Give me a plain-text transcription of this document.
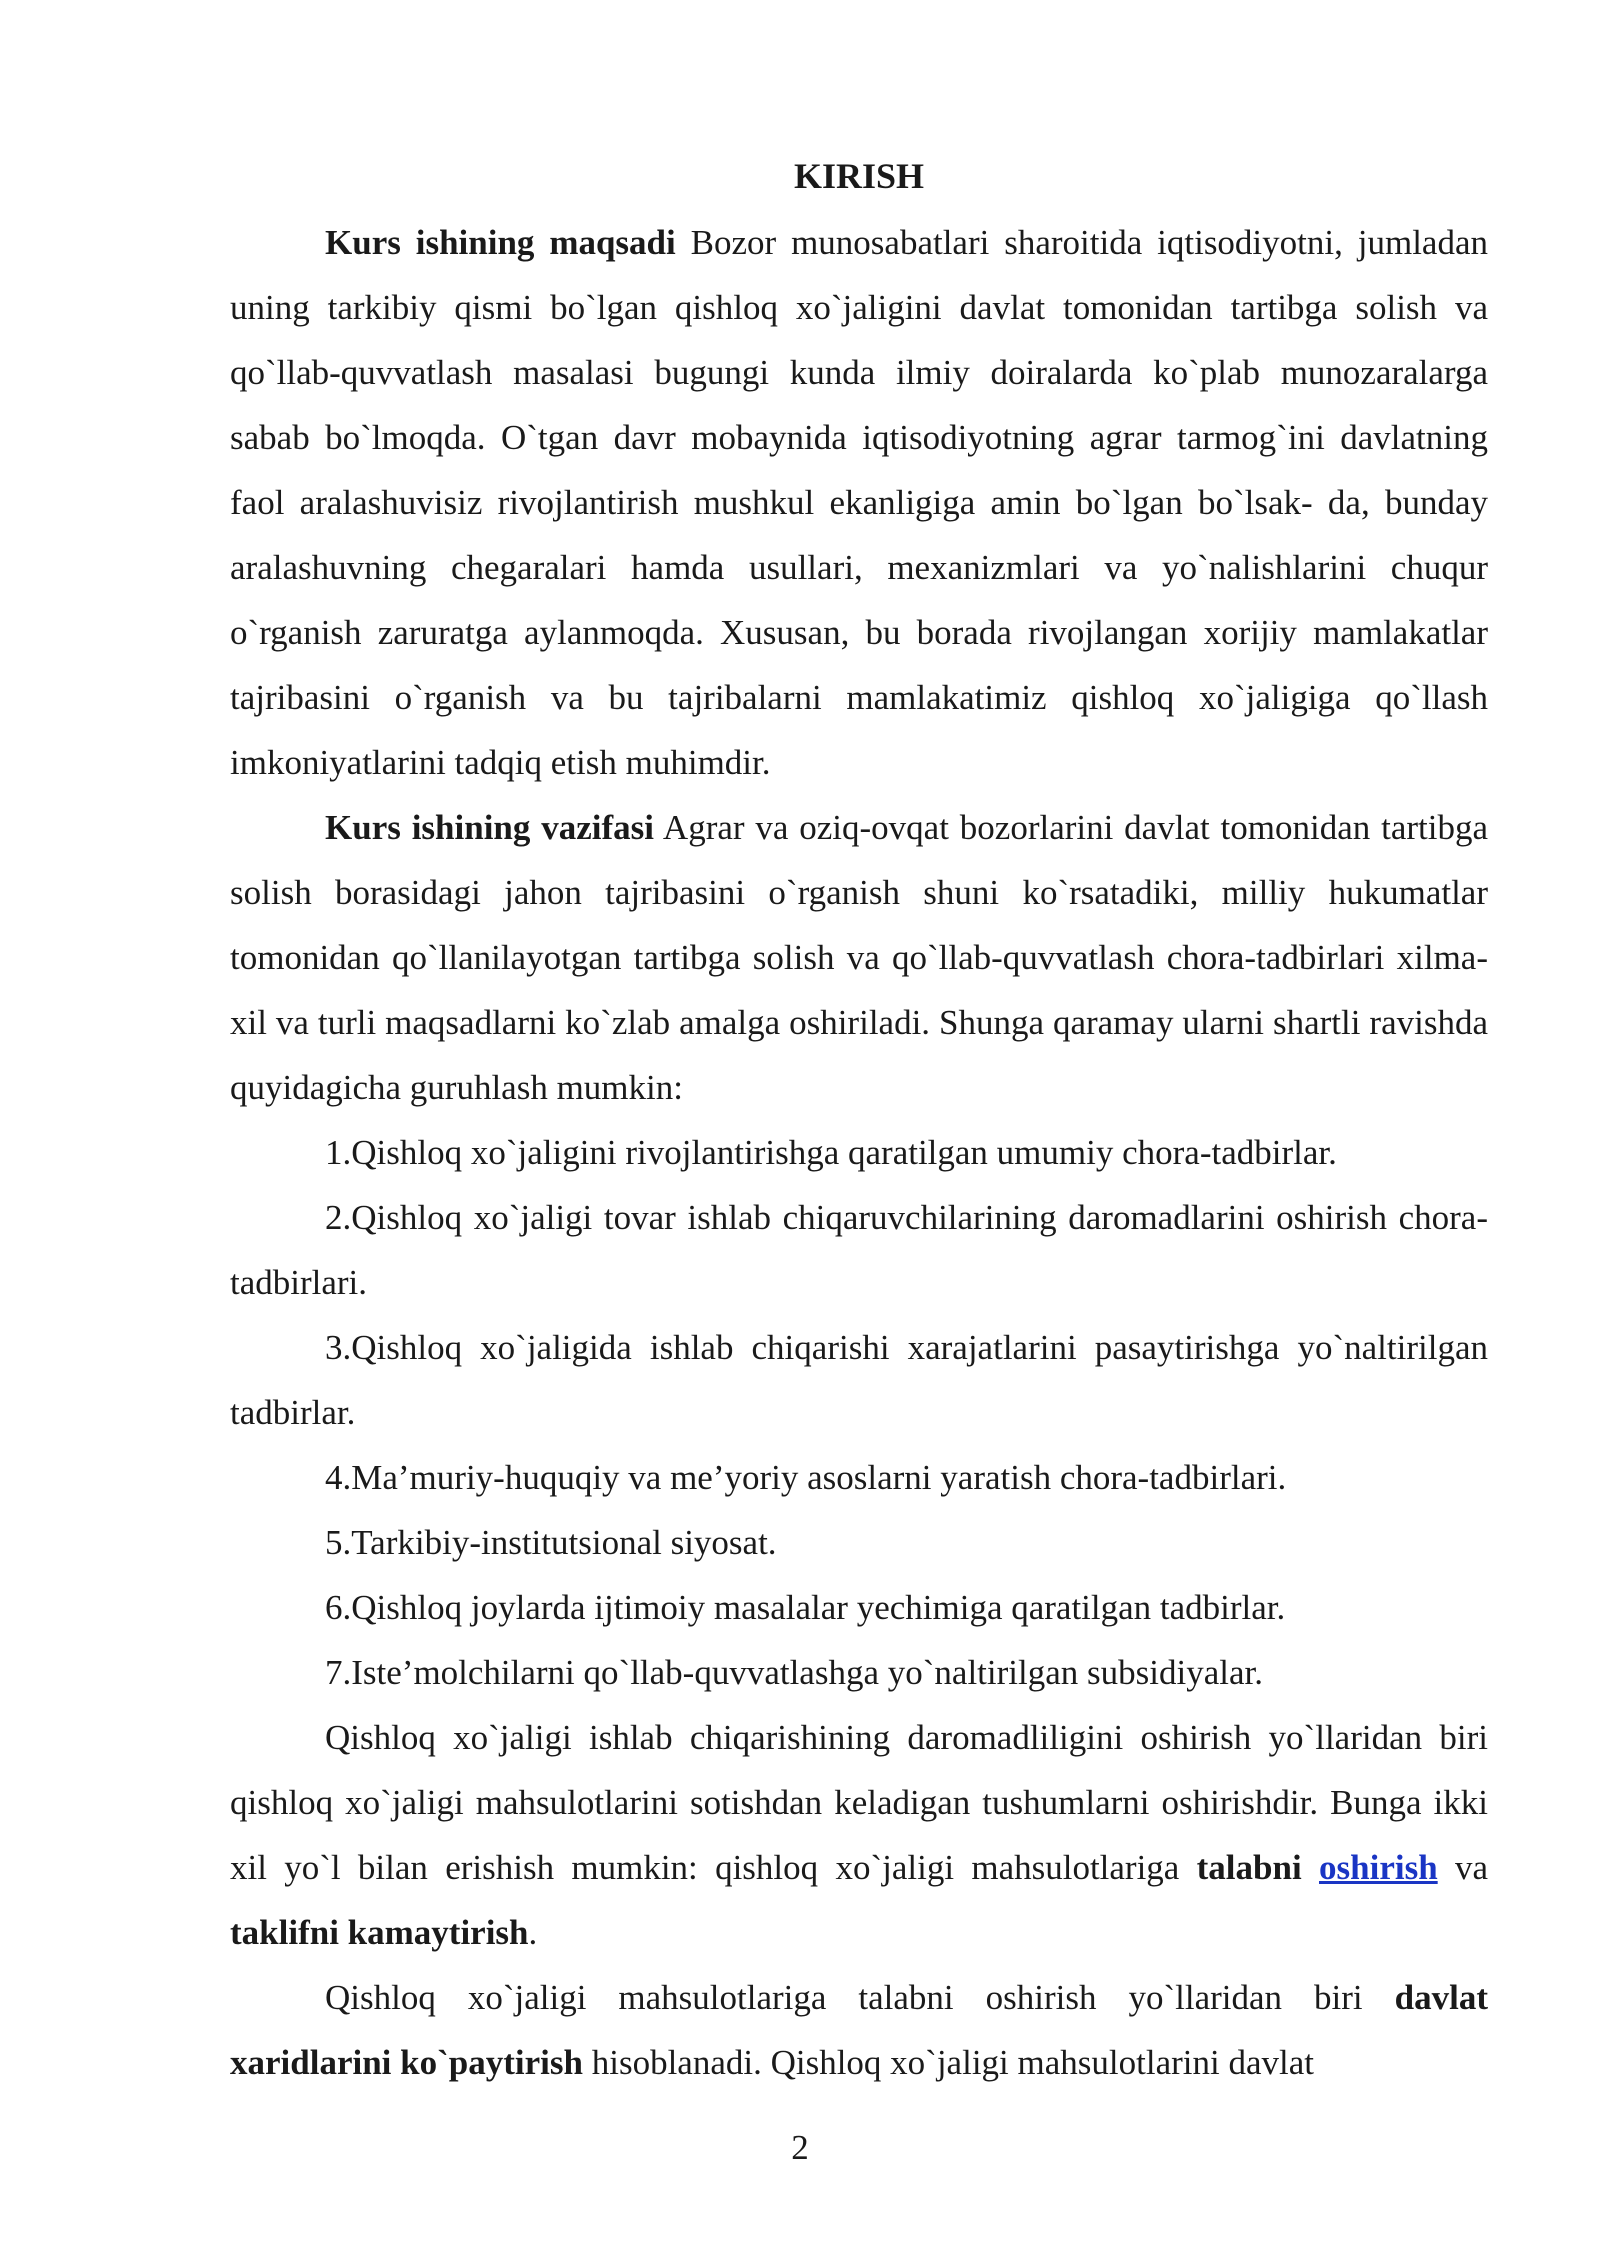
KIRISH

Kurs ishining maqsadi Bozor munosabatlari sharoitida iqtisodiyotni, jumladan uning tarkibiy qismi bo`lgan qishloq xo`jaligini davlat tomonidan tartibga solish va qo`llab-quvvatlash masalasi bugungi kunda ilmiy doiralarda ko`plab munozaralarga sabab bo`lmoqda. O`tgan davr mobaynida iqtisodiyotning agrar tarmog`ini davlatning faol aralashuvisiz rivojlantirish mushkul ekanligiga amin bo`lgan bo`lsak- da, bunday aralashuvning chegaralari hamda usullari, mexanizmlari va yo`nalishlarini chuqur o`rganish zaruratga aylanmoqda. Xususan, bu borada rivojlangan xorijiy mamlakatlar tajribasini o`rganish va bu tajribalarni mamlakatimiz qishloq xo`jaligiga qo`llash imkoniyatlarini tadqiq etish muhimdir.

Kurs ishining vazifasi Agrar va oziq-ovqat bozorlarini davlat tomonidan tartibga solish borasidagi jahon tajribasini o`rganish shuni ko`rsatadiki, milliy hukumatlar tomonidan qo`llanilayotgan tartibga solish va qo`llab-quvvatlash chora-tadbirlari xilma-xil va turli maqsadlarni ko`zlab amalga oshiriladi. Shunga qaramay ularni shartli ravishda quyidagicha guruhlash mumkin:

1.Qishloq xo`jaligini rivojlantirishga qaratilgan umumiy chora-tadbirlar.

2.Qishloq xo`jaligi tovar ishlab chiqaruvchilarining daromadlarini oshirish chora-tadbirlari.

3.Qishloq xo`jaligida ishlab chiqarishi xarajatlarini pasaytirishga yo`naltirilgan tadbirlar.

4.Ma’muriy-huquqiy va me’yoriy asoslarni yaratish chora-tadbirlari.

5.Tarkibiy-institutsional siyosat.

6.Qishloq joylarda ijtimoiy masalalar yechimiga qaratilgan tadbirlar.

7.Iste’molchilarni qo`llab-quvvatlashga yo`naltirilgan subsidiyalar.

Qishloq xo`jaligi ishlab chiqarishining daromadliligini oshirish yo`llaridan biri qishloq xo`jaligi mahsulotlarini sotishdan keladigan tushumlarni oshirishdir. Bunga ikki xil yo`l bilan erishish mumkin: qishloq xo`jaligi mahsulotlariga talabni oshirish va taklifni kamaytirish.

Qishloq xo`jaligi mahsulotlariga talabni oshirish yo`llaridan biri davlat xaridlarini ko`paytirish hisoblanadi. Qishloq xo`jaligi mahsulotlarini davlat

2
